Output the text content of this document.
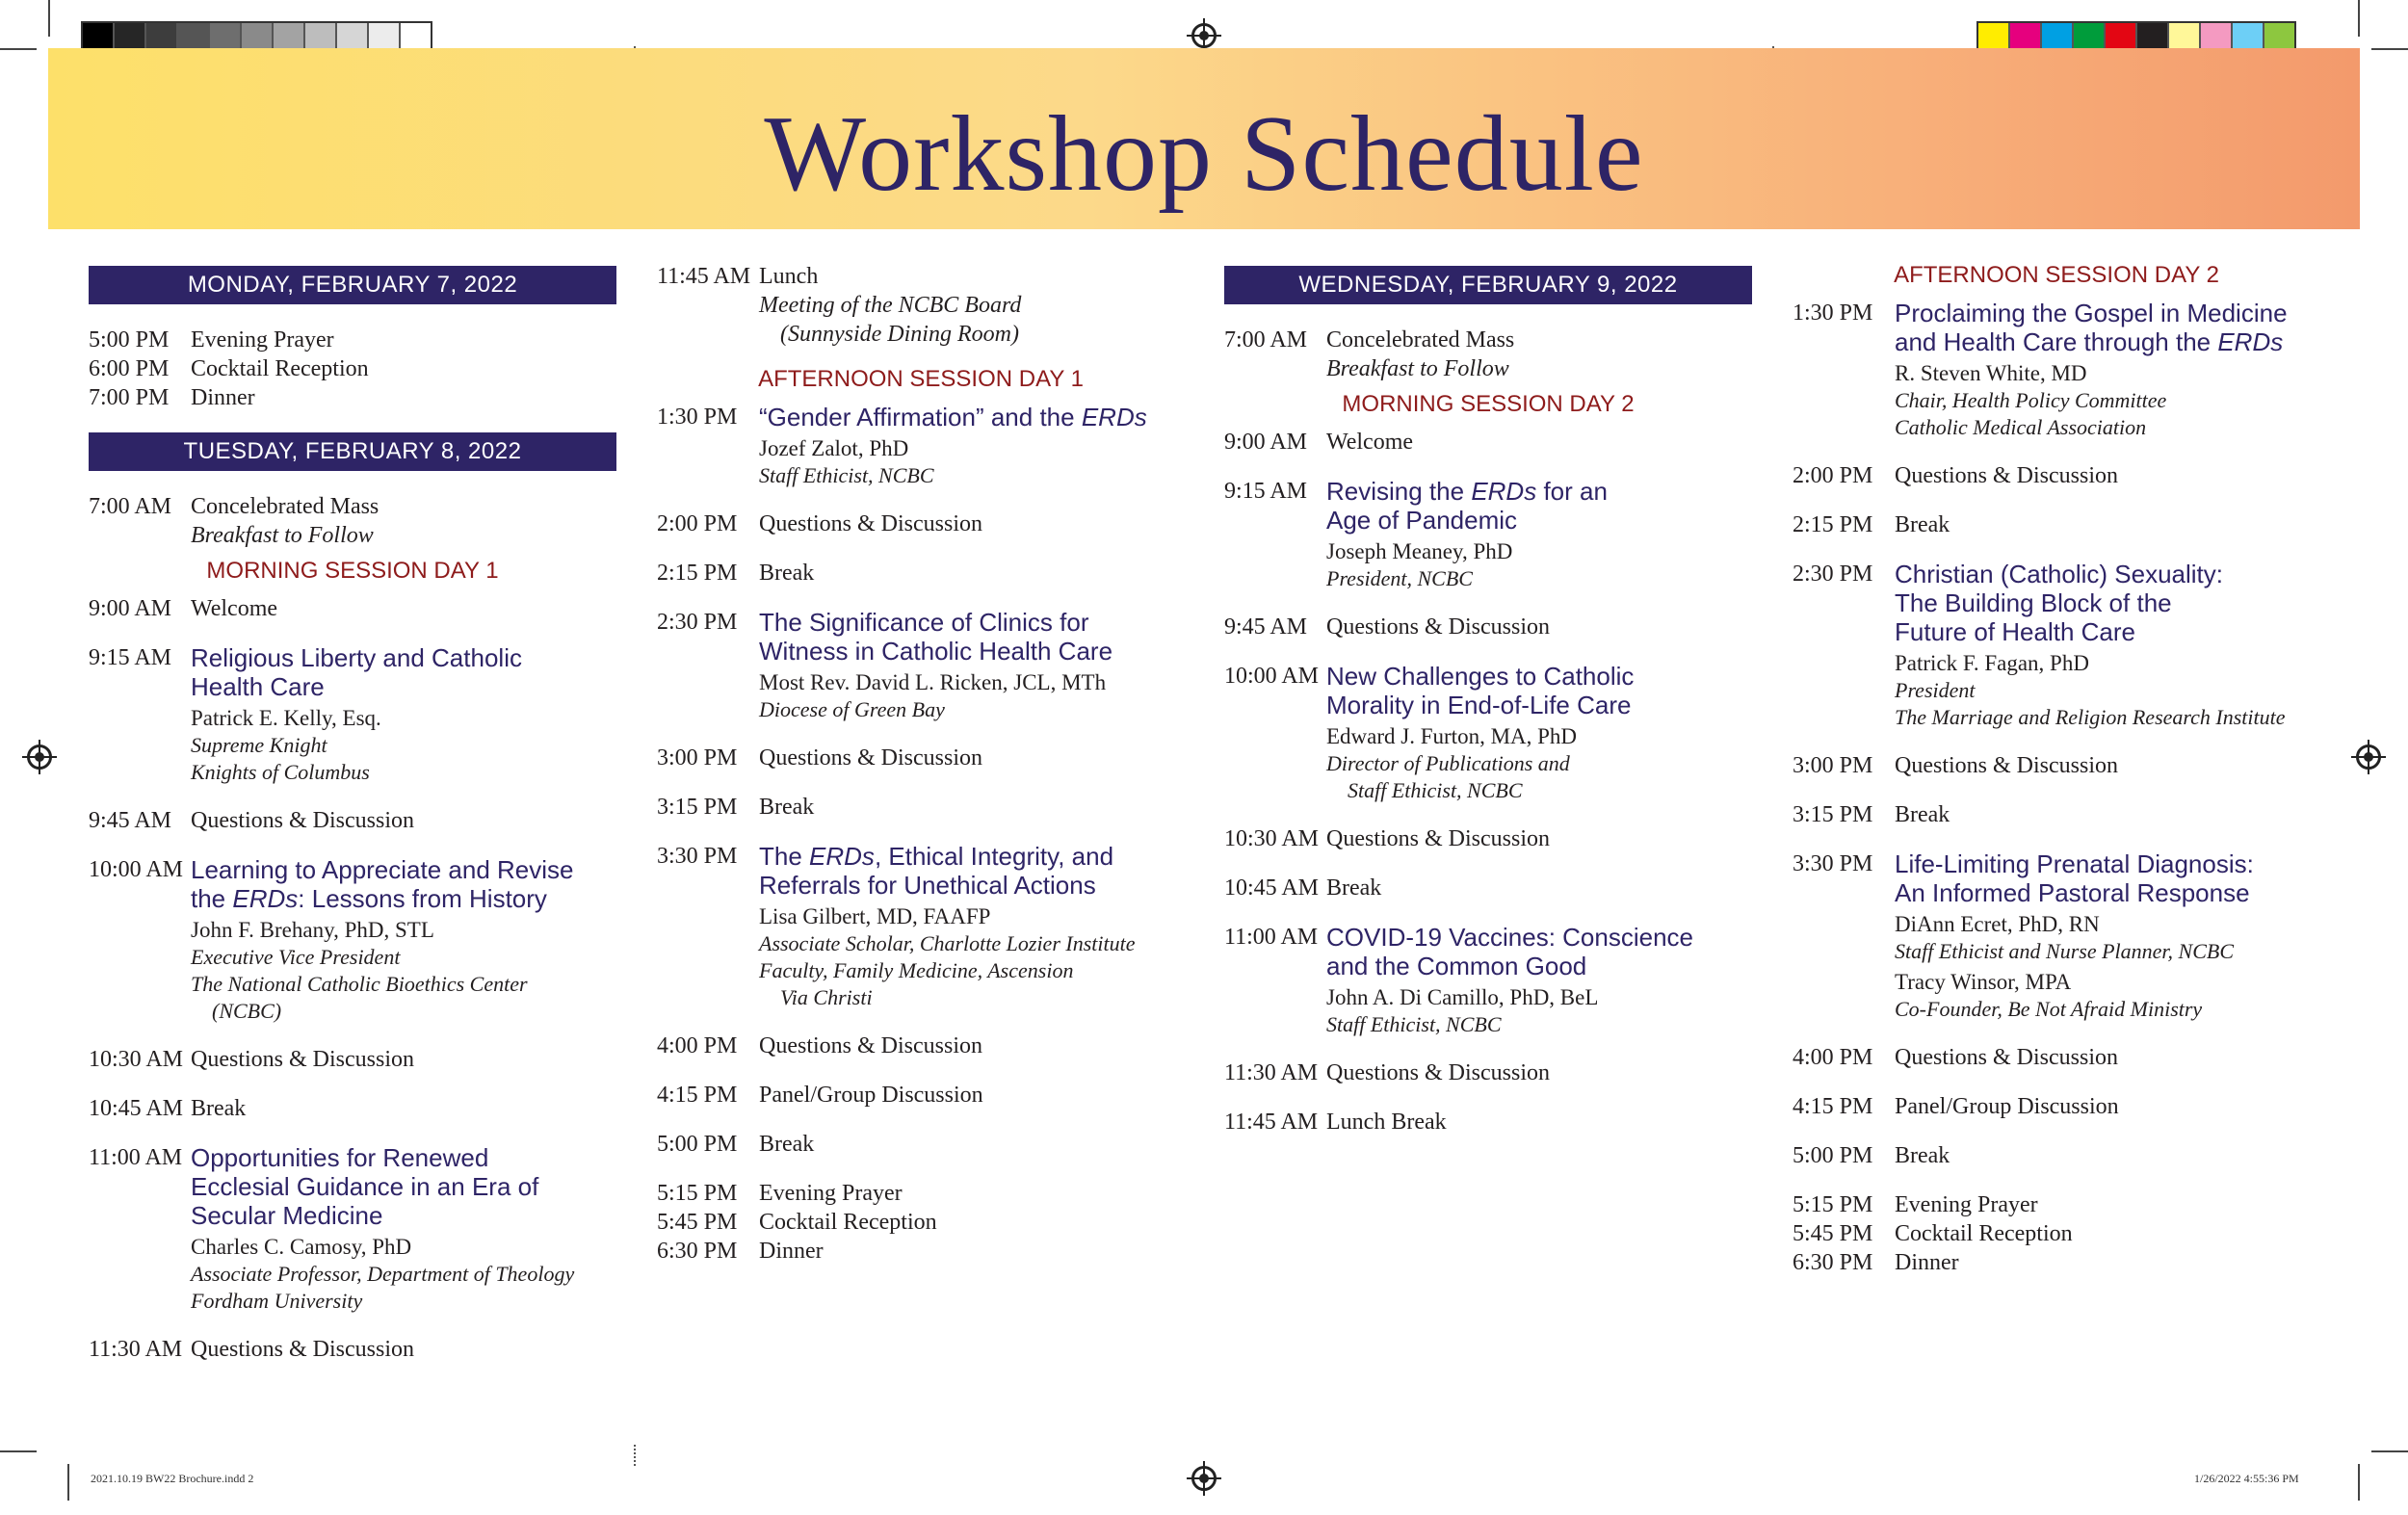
Workshop Schedule
MONDAY, FEBRUARY 7, 2022
5:00 PM Evening Prayer
6:00 PM Cocktail Reception
7:00 PM Dinner
TUESDAY, FEBRUARY 8, 2022
7:00 AM Concelebrated Mass
Breakfast to Follow
MORNING SESSION DAY 1
9:00 AM Welcome
9:15 AM Religious Liberty and Catholic
Health Care
Patrick E. Kelly, Esq.
Supreme Knight
Knights of Columbus
9:45 AM Questions & Discussion
10:00 AM Learning to Appreciate and Revise
the ERDs: Lessons from History
John F. Brehany, PhD, STL
Executive Vice President
The National Catholic Bioethics Center
(NCBC)
10:30 AM Questions & Discussion
10:45 AM Break
11:00 AM Opportunities for Renewed
Ecclesial Guidance in an Era of
Secular Medicine
Charles C. Camosy, PhD
Associate Professor, Department of Theology
Fordham University
11:30 AM Questions & Discussion
11:45 AM Lunch
Meeting of the NCBC Board
(Sunnyside Dining Room)
AFTERNOON SESSION DAY 1
1:30 PM “Gender Affirmation” and the ERDs
Jozef Zalot, PhD
Staff Ethicist, NCBC
2:00 PM Questions & Discussion
2:15 PM Break
2:30 PM The Significance of Clinics for
Witness in Catholic Health Care
Most Rev. David L. Ricken, JCL, MTh
Diocese of Green Bay
3:00 PM Questions & Discussion
3:15 PM Break
3:30 PM The ERDs, Ethical Integrity, and
Referrals for Unethical Actions
Lisa Gilbert, MD, FAAFP
Associate Scholar, Charlotte Lozier Institute
Faculty, Family Medicine, Ascension
Via Christi
4:00 PM Questions & Discussion
4:15 PM Panel/Group Discussion
5:00 PM Break
5:15 PM Evening Prayer
5:45 PM Cocktail Reception
6:30 PM Dinner
WEDNESDAY, FEBRUARY 9, 2022
7:00 AM Concelebrated Mass
Breakfast to Follow
MORNING SESSION DAY 2
9:00 AM Welcome
9:15 AM Revising the ERDs for an
Age of Pandemic
Joseph Meaney, PhD
President, NCBC
9:45 AM Questions & Discussion
10:00 AM New Challenges to Catholic
Morality in End-of-Life Care
Edward J. Furton, MA, PhD
Director of Publications and
Staff Ethicist, NCBC
10:30 AM Questions & Discussion
10:45 AM Break
11:00 AM COVID-19 Vaccines: Conscience
and the Common Good
John A. Di Camillo, PhD, BeL
Staff Ethicist, NCBC
11:30 AM Questions & Discussion
11:45 AM Lunch Break
AFTERNOON SESSION DAY 2
1:30 PM Proclaiming the Gospel in Medicine
and Health Care through the ERDs
R. Steven White, MD
Chair, Health Policy Committee
Catholic Medical Association
2:00 PM Questions & Discussion
2:15 PM Break
2:30 PM Christian (Catholic) Sexuality:
The Building Block of the
Future of Health Care
Patrick F. Fagan, PhD
President
The Marriage and Religion Research Institute
3:00 PM Questions & Discussion
3:15 PM Break
3:30 PM Life-Limiting Prenatal Diagnosis:
An Informed Pastoral Response
DiAnn Ecret, PhD, RN
Staff Ethicist and Nurse Planner, NCBC
Tracy Winsor, MPA
Co-Founder, Be Not Afraid Ministry
4:00 PM Questions & Discussion
4:15 PM Panel/Group Discussion
5:00 PM Break
5:15 PM Evening Prayer
5:45 PM Cocktail Reception
6:30 PM Dinner
2021.10.19 BW22 Brochure.indd 2	1/26/2022 4:55:36 PM
